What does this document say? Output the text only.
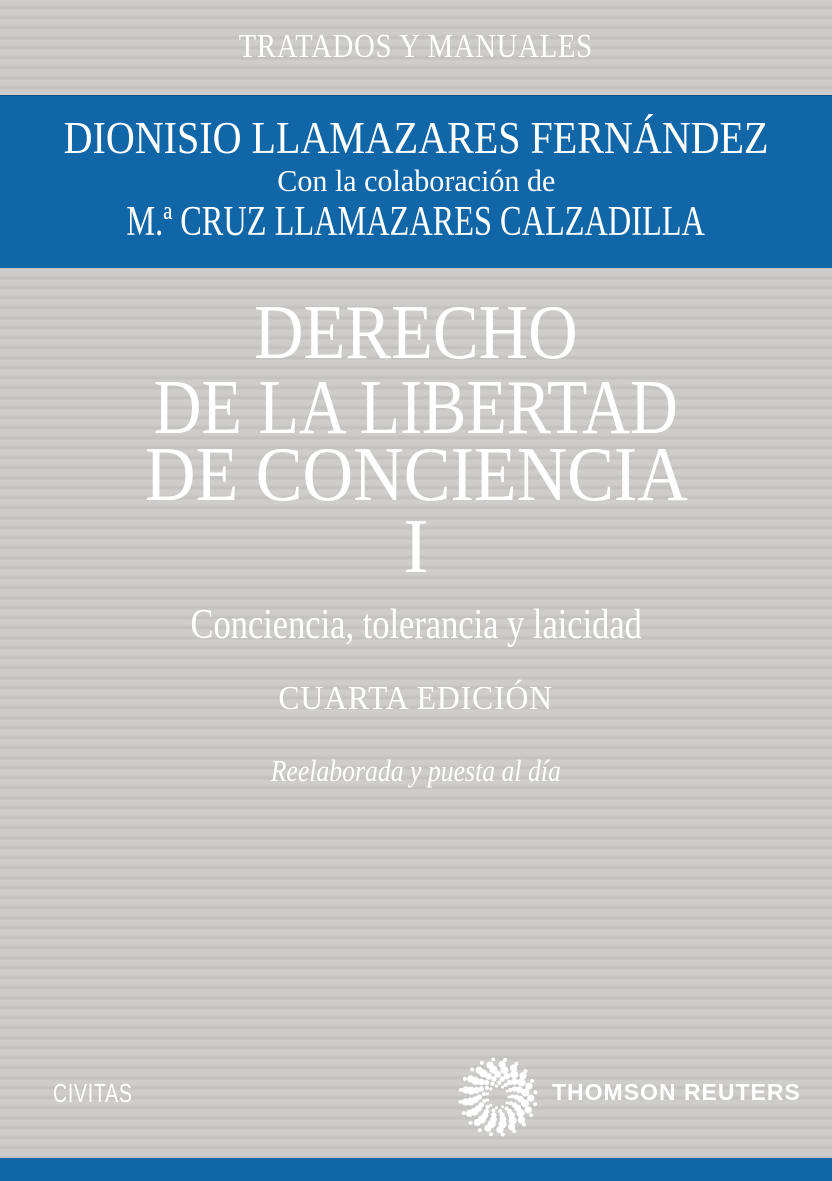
TRATADOS Y MANUALES
DIONISIO LLAMAZARES FERNÁNDEZ
Con la colaboración de
M.ª CRUZ LLAMAZARES CALZADILLA
DERECHO
DE LA LIBERTAD
DE CONCIENCIA
I
Conciencia, tolerancia y laicidad
CUARTA EDICIÓN
Reelaborada y puesta al día
CIVITAS	THOMSON REUTERS
